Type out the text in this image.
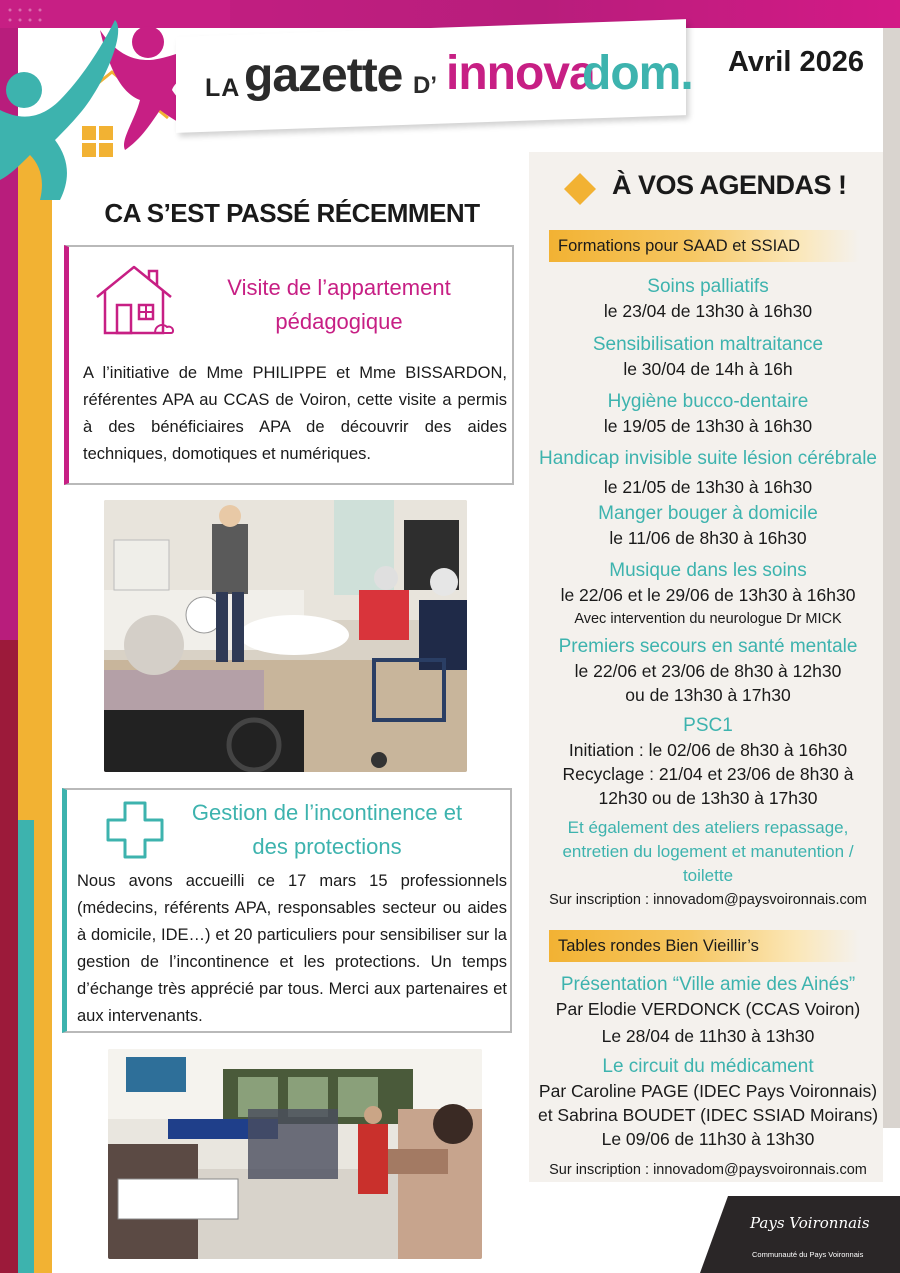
LA gazette D’ innova
dom. Avril 2026
CA S’EST PASSÉ RÉCEMMENT
Visite de l’appartement pédagogique
A l’initiative de Mme PHILIPPE et Mme BISSARDON, référentes APA au CCAS de Voiron, cette visite a permis à des bénéficiaires APA de découvrir des aides techniques, domotiques et numériques.
Gestion de l’incontinence et des protections
Nous avons accueilli ce 17 mars 15 professionnels (médecins, référents APA, responsables secteur ou aides à domicile, IDE…) et 20 particuliers pour sensibiliser sur la gestion de l’incontinence et les protections. Un temps d’échange très apprécié par tous. Merci aux partenaires et aux intervenants.
À VOS AGENDAS !
Formations pour SAAD et SSIAD
Soins palliatifs
le 23/04 de 13h30 à 16h30
Sensibilisation maltraitance
le 30/04 de 14h à 16h
Hygiène bucco-dentaire
le 19/05 de 13h30 à 16h30
Handicap invisible suite lésion cérébrale
le 21/05 de 13h30 à 16h30
Manger bouger à domicile
le 11/06 de 8h30 à 16h30
Musique dans les soins
le 22/06 et le 29/06 de 13h30 à 16h30
Avec intervention du neurologue Dr MICK
Premiers secours en santé mentale
le 22/06 et 23/06 de 8h30 à 12h30
ou de 13h30 à 17h30
PSC1
Initiation : le 02/06 de 8h30 à 16h30
Recyclage : 21/04 et 23/06 de 8h30 à
12h30 ou de 13h30 à 17h30
Et également des ateliers repassage, entretien du logement et manutention / toilette
Sur inscription : innovadom@paysvoironnais.com
Tables rondes Bien Vieillir’s
Présentation “Ville amie des Ainés”
Par Elodie VERDONCK (CCAS Voiron)
Le 28/04 de 11h30 à 13h30
Le circuit du médicament
Par Caroline PAGE (IDEC Pays Voironnais)
et Sabrina BOUDET (IDEC SSIAD Moirans)
Le 09/06 de 11h30 à 13h30
Sur inscription : innovadom@paysvoironnais.com
Pays Voironnais
Communauté du Pays Voironnais
